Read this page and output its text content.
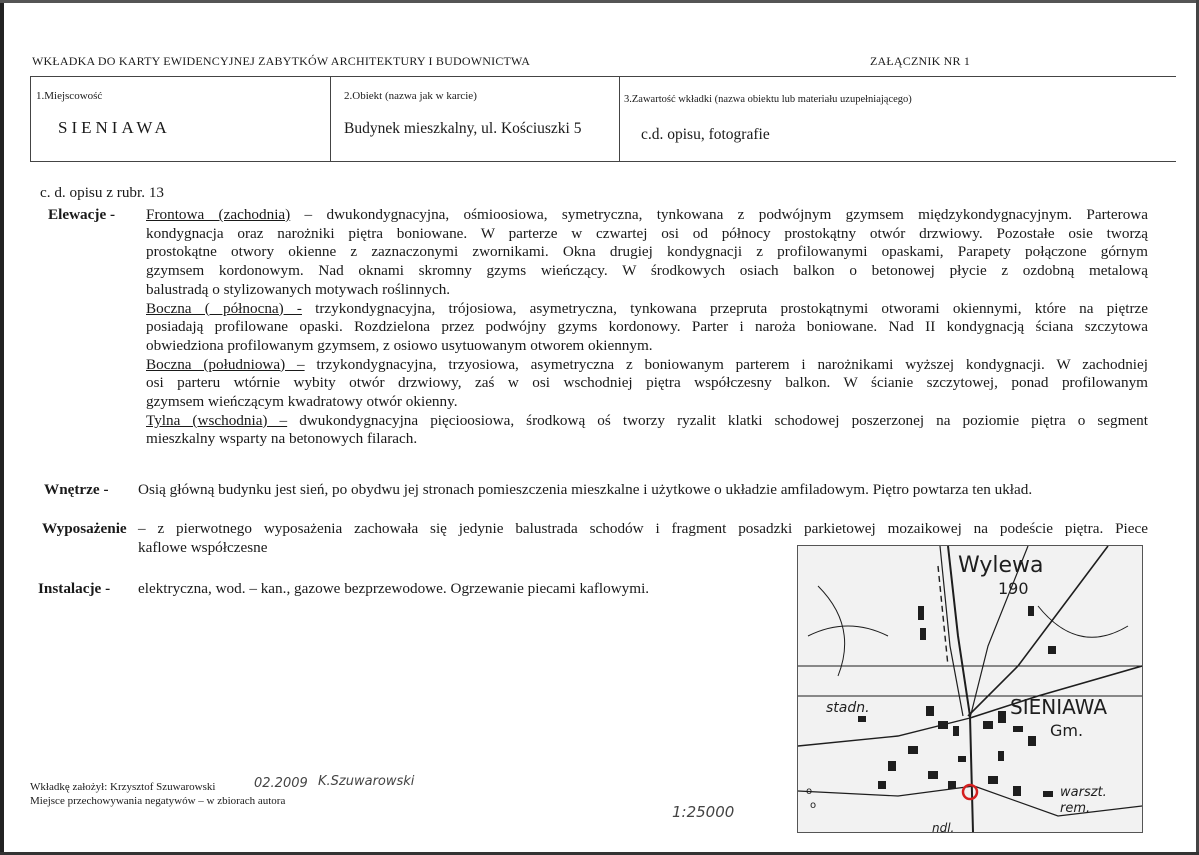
WKŁADKA DO KARTY EWIDENCYJNEJ ZABYTKÓW ARCHITEKTURY I BUDOWNICTWA	ZAŁĄCZNIK NR 1
1.Miejscowość
SIENIAWA
2.Obiekt (nazwa jak w karcie)
Budynek mieszkalny, ul. Kościuszki 5
3.Zawartość wkładki (nazwa obiektu lub materiału uzupełniającego)
c.d. opisu, fotografie
c. d. opisu z rubr. 13
Elewacje - Frontowa (zachodnia) – dwukondygnacyjna, ośmioosiowa, symetryczna, tynkowana z podwójnym gzymsem międzykondygnacyjnym. Parterowa
kondygnacja oraz narożniki piętra boniowane. W parterze w czwartej osi od północy prostokątny otwór drzwiowy. Pozostałe osie tworzą
prostokątne otwory okienne z zaznaczonymi zwornikami. Okna drugiej kondygnacji z profilowanymi opaskami, Parapety połączone górnym
gzymsem kordonowym. Nad oknami skromny gzyms wieńczący. W środkowych osiach balkon o betonowej płycie z ozdobną metalową
balustradą o stylizowanych motywach roślinnych.
Boczna ( północna) - trzykondygnacyjna, trójosiowa, asymetryczna, tynkowana przepruta prostokątnymi otworami okiennymi, które na piętrze
posiadają profilowane opaski. Rozdzielona przez podwójny gzyms kordonowy. Parter i naroża boniowane. Nad II kondygnacją ściana szczytowa
obwiedziona profilowanym gzymsem, z osiowo usytuowanym otworem okiennym.
Boczna (południowa) – trzykondygnacyjna, trzyosiowa, asymetryczna z boniowanym parterem i narożnikami wyższej kondygnacji. W zachodniej
osi parteru wtórnie wybity otwór drzwiowy, zaś w osi wschodniej piętra współczesny balkon. W ścianie szczytowej, ponad profilowanym
gzymsem wieńczącym kwadratowy otwór okienny.
Tylna (wschodnia) – dwukondygnacyjna pięcioosiowa, środkową oś tworzy ryzalit klatki schodowej poszerzonej na poziomie piętra o segment
mieszkalny wsparty na betonowych filarach.
Wnętrze - Osią główną budynku jest sień, po obydwu jej stronach pomieszczenia mieszkalne i użytkowe o układzie amfiladowym. Piętro powtarza ten układ.
Wyposażenie – z pierwotnego wyposażenia zachowała się jedynie balustrada schodów i fragment posadzki parkietowej mozaikowej na podeście piętra. Piece
kaflowe współczesne
Instalacje - elektryczna, wod. – kan., gazowe bezprzewodowe. Ogrzewanie piecami kaflowymi.
Wkładkę założył: Krzysztof Szuwarowski	02.2009 K.Szuwarowski
Miejsce przechowywania negatywów – w zbiorach autora
1:25000
Wylewa
190
SIENIAWA
Gm.
stadn.
warszt.
rem.
ndl.
o
o
